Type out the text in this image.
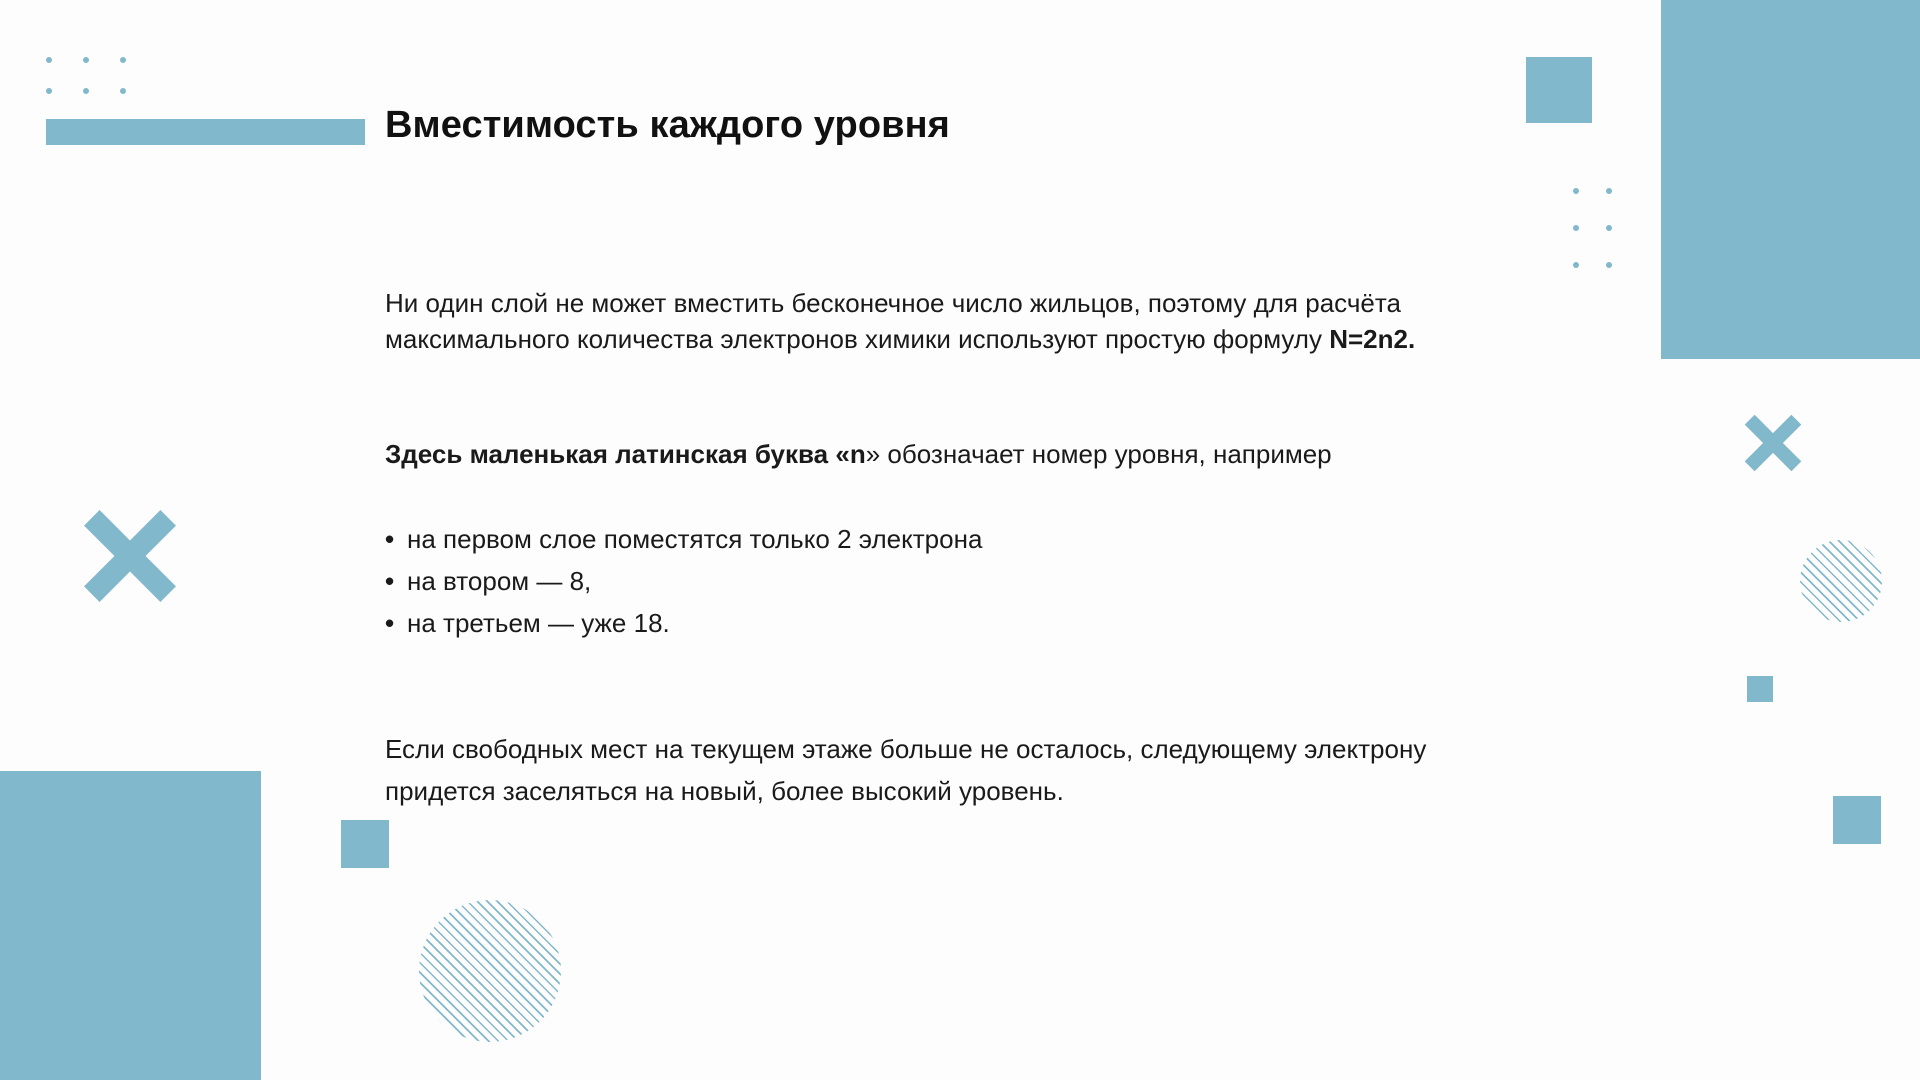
Вместимость каждого уровня

Ни один слой не может вместить бесконечное число жильцов, поэтому для расчёта максимального количества электронов химики используют простую формулу N=2n2.

Здесь маленькая латинская буква «n» обозначает номер уровня, например

• на первом слое поместятся только 2 электрона
• на втором — 8,
• на третьем — уже 18.

Если свободных мест на текущем этаже больше не осталось, следующему электрону придется заселяться на новый, более высокий уровень.
